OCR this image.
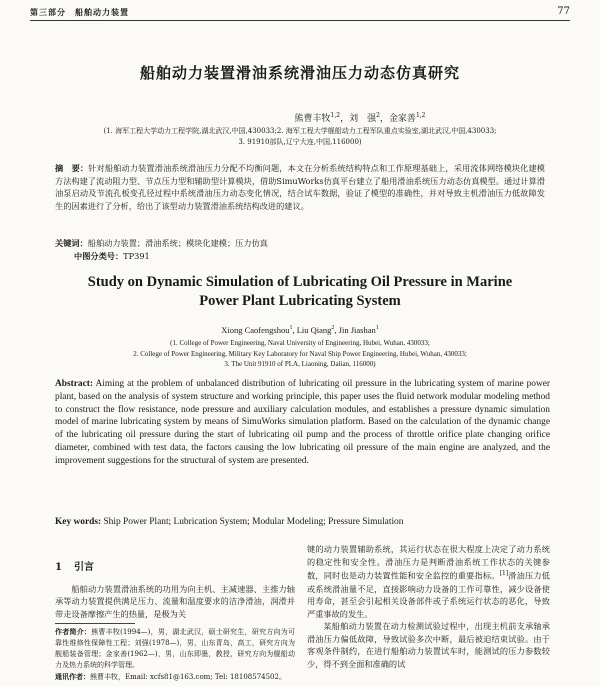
第三部分　船舶动力装置	77
船舶动力装置滑油系统滑油压力动态仿真研究
熊曹丰牧$^{1,2}$，刘　强$^2$，金家善$^{1,2}$
(1. 海军工程大学动力工程学院,湖北武汉,中国,430033;2. 海军工程大学舰船动力工程军队重点实验室,湖北武汉,中国,430033;
3. 91910部队,辽宁大连,中国,116000)
摘　要：针对船舶动力装置滑油系统滑油压力分配不均衡问题，本文在分析系统结构特点和工作原理基础上，采用流体网络模块化建模方法构建了流动阻力型、节点压力型和辅助型计算模块，借助SimuWorks仿真平台建立了船用滑油系统压力动态仿真模型。通过计算滑油泵启动及节流孔板变孔径过程中系统滑油压力动态变化情况，结合试车数据，验证了模型的准确性，并对导致主机滑油压力低故障发生的因素进行了分析，给出了该型动力装置滑油系统结构改进的建议。
关键词：船舶动力装置；滑油系统；模块化建模；压力仿真
中图分类号：TP391
Study on Dynamic Simulation of Lubricating Oil Pressure in Marine
Power Plant Lubricating System
Xiong Caofengshou$^1$, Liu Qiang$^2$, Jin Jiashan$^1$
(1. College of Power Engineering, Naval University of Engineering, Hubei, Wuhan, 430033;
2. College of Power Engineering, Military Key Laboratory for Naval Ship Power Engineering, Hubei, Wuhan, 430033;
3. The Unit 91910 of PLA, Liaoning, Dalian, 116000)
Abstract: Aiming at the problem of unbalanced distribution of lubricating oil pressure in the lubricating system of marine power plant, based on the analysis of system structure and working principle, this paper uses the fluid network modular modeling method to construct the flow resistance, node pressure and auxiliary calculation modules, and establishes a pressure dynamic simulation model of marine lubricating system by means of SimuWorks simulation platform. Based on the calculation of the dynamic change of the lubricating oil pressure during the start of lubricating oil pump and the process of throttle orifice plate changing orifice diameter, combined with test data, the factors causing the low lubricating oil pressure of the main engine are analyzed, and the improvement suggestions for the structural of system are presented.
Key words: Ship Power Plant; Lubrication System; Modular Modeling; Pressure Simulation
1 引言

船舶动力装置滑油系统的功用为向主机、主减速器、主推力轴承等动力装置提供满足压力、流量和温度要求的洁净滑油，润滑并带走设备摩擦产生的热量，是极为关

作者简介：熊曹丰牧(1994—)，男，湖北武汉，硕士研究生，研究方向为可靠性维修性保障性工程；刘强(1978—)，男，山东青岛，高工，研究方向为舰船装备管理；金家善(1962—)，男，山东即墨，教授，研究方向为舰船动力及热力系统的科学管理。

通讯作者：熊曹丰牧，Email: xcfs81@163.com; Tel: 18108574502。

键的动力装置辅助系统，其运行状态在很大程度上决定了动力系统的稳定性和安全性。滑油压力是判断滑油系统工作状态的关键参数，同时也是动力装置性能和安全监控的重要指标。[1]滑油压力低或系统滑油量不足，直接影响动力设备的工作可靠性，减少设备使用寿命，甚至会引起相关设备部件或子系统运行状态的恶化，导致严重事故的发生。

某船舶动力装置在动力检测试验过程中，出现主机前支承轴承滑油压力偏低故障，导致试验多次中断，最后被迫结束试验。由于客观条件制约，在进行船舶动力装置试车时，能测试的压力参数较少，得不到全面和准确的试
